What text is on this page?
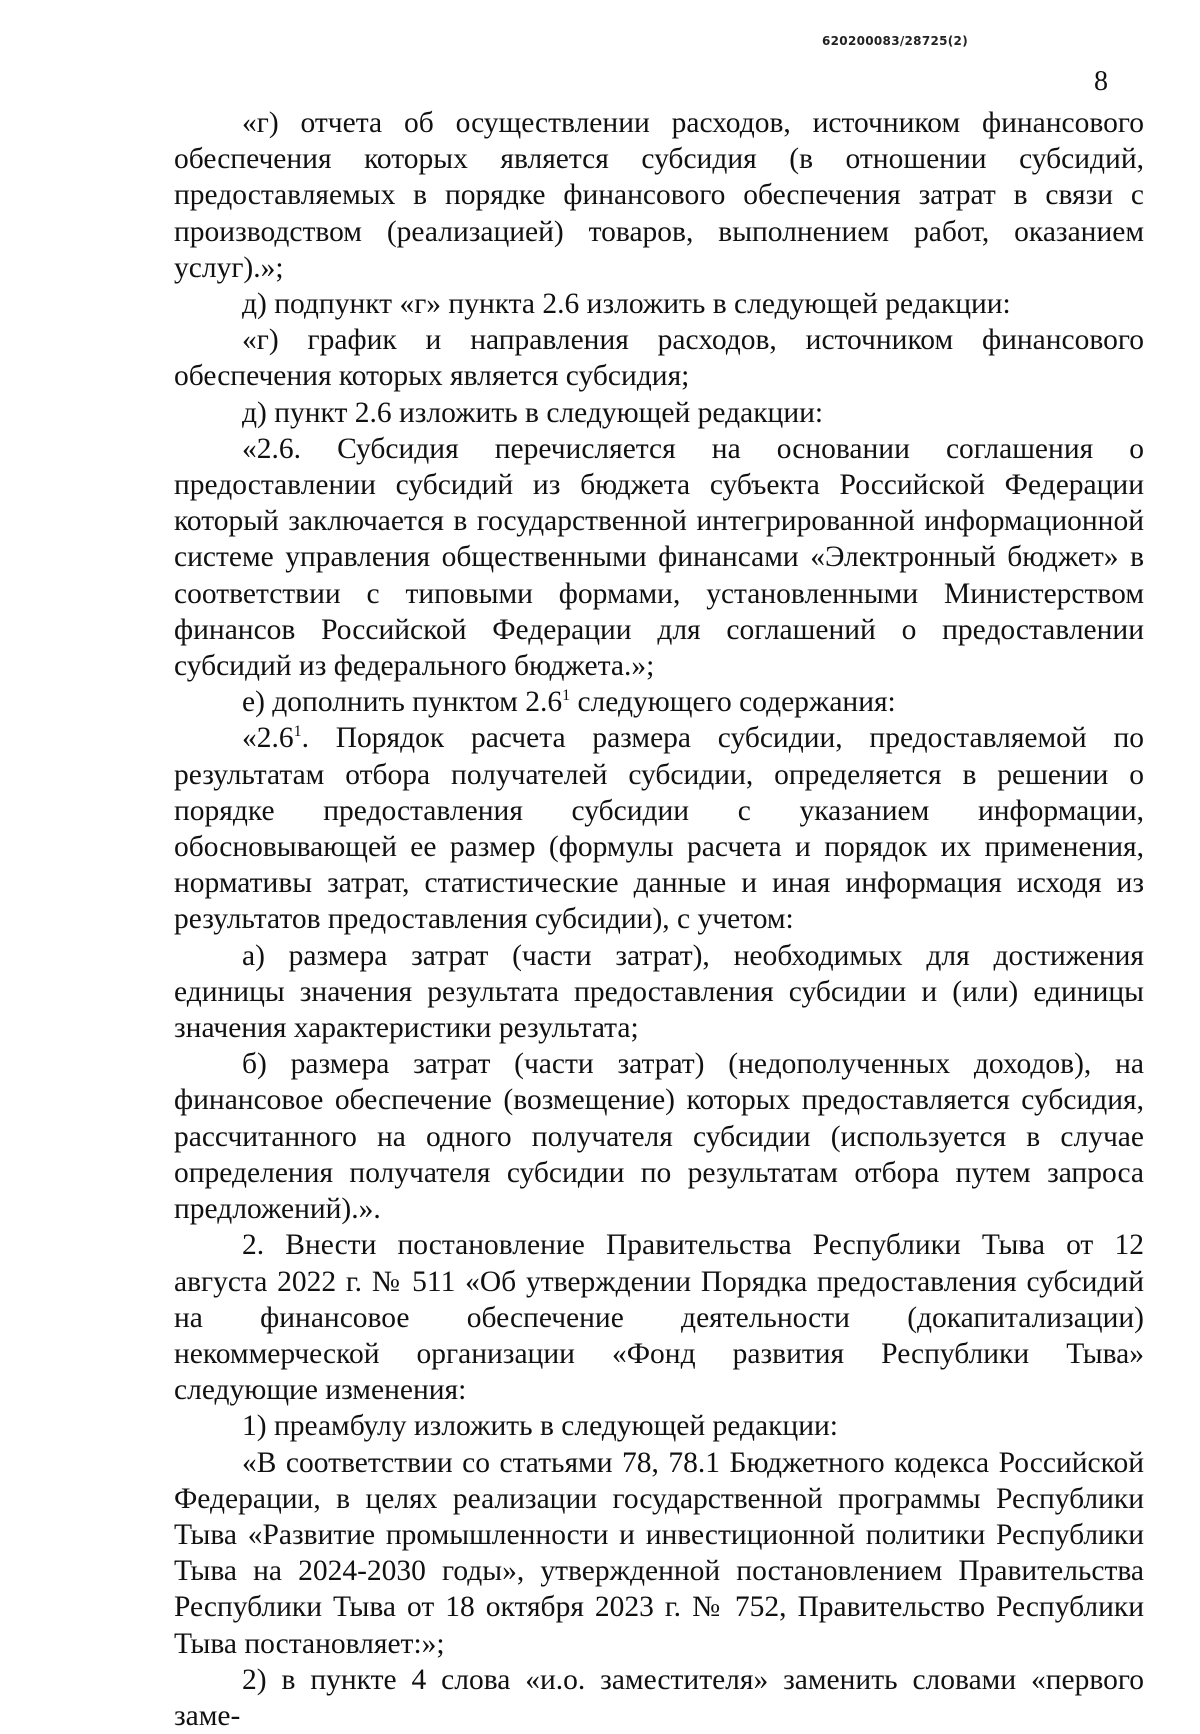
620200083/28725(2)
8

«г) отчета об осуществлении расходов, источником финансового обеспечения которых является субсидия (в отношении субсидий, предоставляемых в порядке финансового обеспечения затрат в связи с производством (реализацией) товаров, выполнением работ, оказанием услуг).»;

д) подпункт «г» пункта 2.6 изложить в следующей редакции:

«г) график и направления расходов, источником финансового обеспечения которых является субсидия;

д) пункт 2.6 изложить в следующей редакции:

«2.6. Субсидия перечисляется на основании соглашения о предоставлении субсидий из бюджета субъекта Российской Федерации который заключается в государственной интегрированной информационной системе управления общественными финансами «Электронный бюджет» в соответствии с типовыми формами, установленными Министерством финансов Российской Федерации для соглашений о предоставлении субсидий из федерального бюджета.»;

е) дополнить пунктом $2.6^1$ следующего содержания:

«$2.6^1$. Порядок расчета размера субсидии, предоставляемой по результатам отбора получателей субсидии, определяется в решении о порядке предоставления субсидии с указанием информации, обосновывающей ее размер (формулы расчета и порядок их применения, нормативы затрат, статистические данные и иная информация исходя из результатов предоставления субсидии), с учетом:

а) размера затрат (части затрат), необходимых для достижения единицы значения результата предоставления субсидии и (или) единицы значения характеристики результата;

б) размера затрат (части затрат) (недополученных доходов), на финансовое обеспечение (возмещение) которых предоставляется субсидия, рассчитанного на одного получателя субсидии (используется в случае определения получателя субсидии по результатам отбора путем запроса предложений).».

2. Внести постановление Правительства Республики Тыва от 12 августа 2022 г. № 511 «Об утверждении Порядка предоставления субсидий на финансовое обеспечение деятельности (докапитализации) некоммерческой организации «Фонд развития Республики Тыва» следующие изменения:

1) преамбулу изложить в следующей редакции:

«В соответствии со статьями 78, 78.1 Бюджетного кодекса Российской Федерации, в целях реализации государственной программы Республики Тыва «Развитие промышленности и инвестиционной политики Республики Тыва на 2024-2030 годы», утвержденной постановлением Правительства Республики Тыва от 18 октября 2023 г. № 752, Правительство Республики Тыва постановляет:»;

2) в пункте 4 слова «и.о. заместителя» заменить словами «первого заме-
